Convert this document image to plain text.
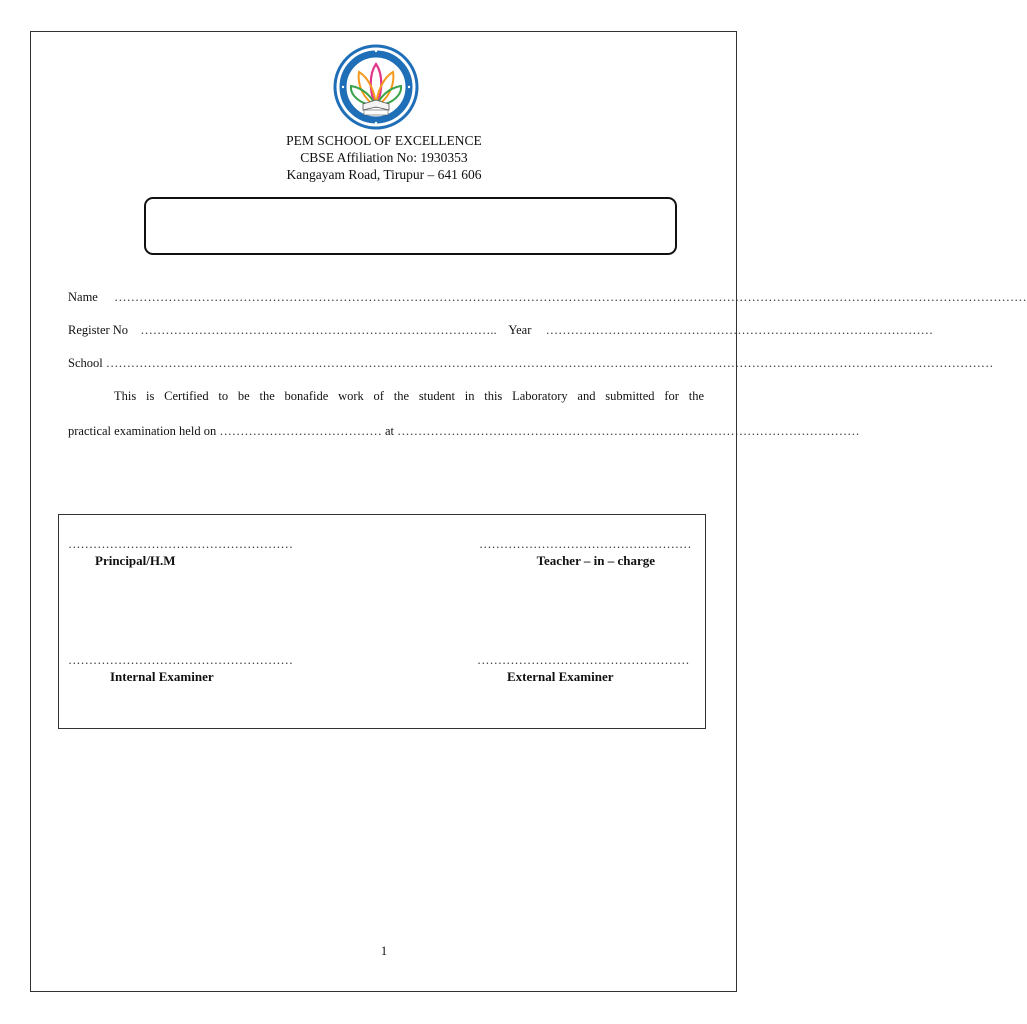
PEM SCHOOL OF EXCELLENCE
CBSE Affiliation No: 1930353
Kangayam Road, Tirupur – 641 606
Name …………………………………………………………………………………………………………………………………………………………………………………………………
Register No ………………………………………………………………………….. Year …………………………………………………………………………………
School ……………………………………………………………………………………………………………………………………………………………………………………………
This is Certified to be the bonafide work of the student in this Laboratory and submitted for the
practical examination held on ………………………………… at …………………………………………………………………………………………………
………………………………………………	……………………………………………
Principal/H.M	Teacher – in – charge
………………………………………………	……………………………………………
Internal Examiner	External Examiner
1
